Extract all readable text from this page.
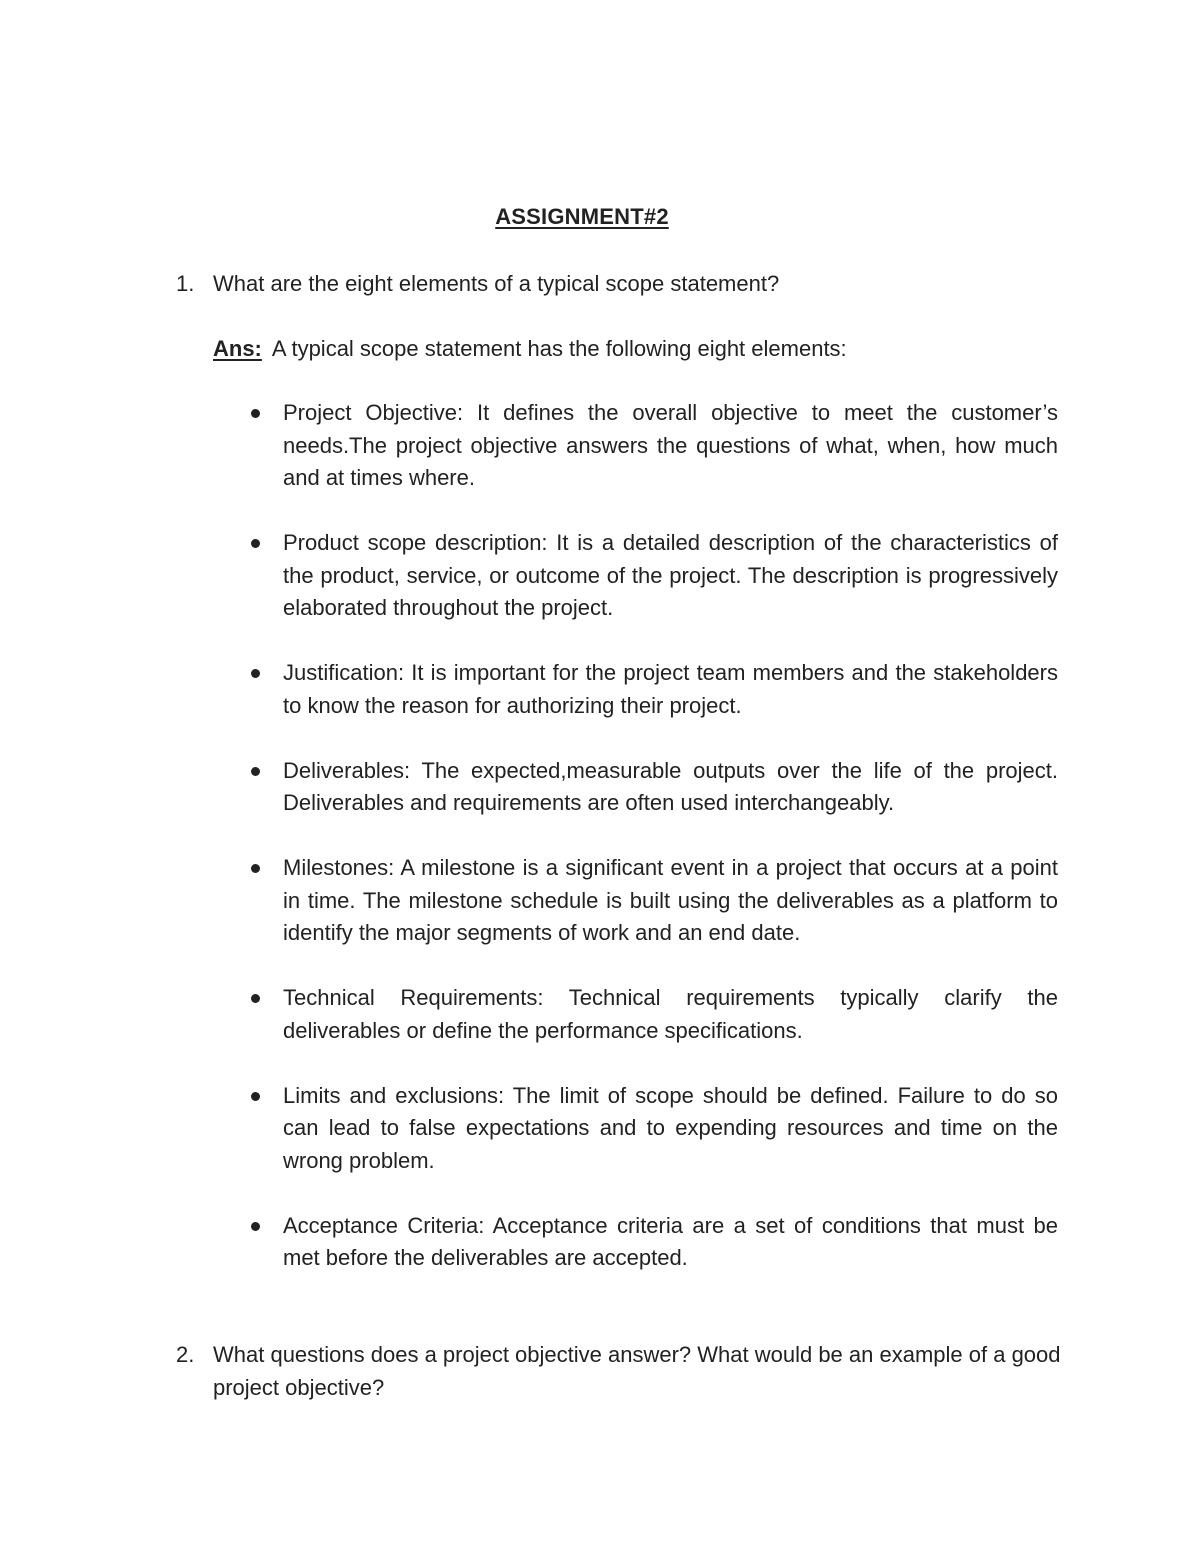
ASSIGNMENT#2
1. What are the eight elements of a typical scope statement?
Ans: A typical scope statement has the following eight elements:
Project Objective: It defines the overall objective to meet the customer’s needs.The project objective answers the questions of what, when, how much and at times where.
Product scope description: It is a detailed description of the characteristics of the product, service, or outcome of the project. The description is progressively elaborated throughout the project.
Justification: It is important for the project team members and the stakeholders to know the reason for authorizing their project.
Deliverables: The expected,measurable outputs over the life of the project. Deliverables and requirements are often used interchangeably.
Milestones: A milestone is a significant event in a project that occurs at a point in time. The milestone schedule is built using the deliverables as a platform to identify the major segments of work and an end date.
Technical Requirements: Technical requirements typically clarify the deliverables or define the performance specifications.
Limits and exclusions: The limit of scope should be defined. Failure to do so can lead to false expectations and to expending resources and time on the wrong problem.
Acceptance Criteria: Acceptance criteria are a set of conditions that must be met before the deliverables are accepted.
2. What questions does a project objective answer? What would be an example of a good project objective?
